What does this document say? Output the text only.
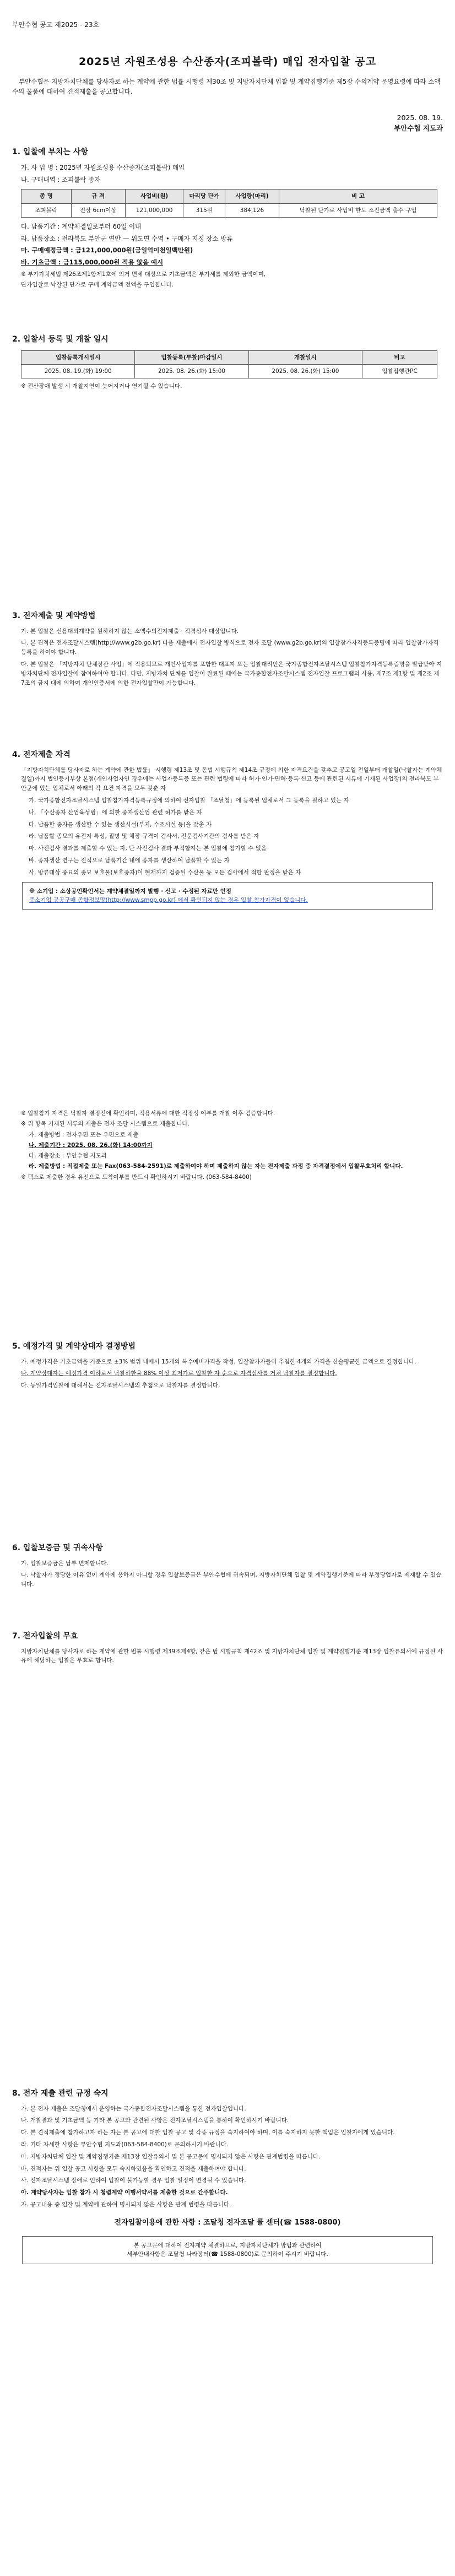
부안수협 공고 제2025 - 23호
2025년 자원조성용 수산종자(조피볼락) 매입 전자입찰 공고

부안수협은 지방자치단체를 당사자로 하는 계약에 관한 법률 시행령 제30조 및 지방자치단체 입찰 및 계약집행기준 제5장 수의계약 운영요령에 따라 소액수의 물품에 대하여 견적제출을 공고합니다.

2025. 08. 19.
부안수협 지도과
1. 입찰에 부치는 사항
가. 사 업 명 : 2025년 자원조성용 수산종자(조피볼락) 매입
나. 구매내역 : 조피볼락 종자
종 명	규 격	사업비(원)	마리당 단가	사업량(마리)	비 고
조피볼락	전장 6cm이상	121,000,000	315원	384,126	낙찰된 단가로 사업비 한도 소진금액 총수 구입
다. 납품기간 : 계약체결일로부터 60일 이내
라. 납품장소 : 전라북도 부안군 연안 — 위도면 수역 • 구매자 지정 장소 방류
마. 구매예정금액 : 금121,000,000원(금일억이천일백만원)
바. 기초금액 : 금115,000,000원 적용 않음 예시
※ 부가가치세법 제26조제1항제1호에 의거 면세 대상으로 기초금액은 부가세를 제외한 금액이며,
단가입찰로 낙찰된 단가로 구매 계약금액 전액을 구입합니다.
2. 입찰서 등록 및 개찰 일시
입찰등록개시일시	입찰등록(투찰)마감일시	개찰일시	비고
2025. 08. 19.(화) 19:00	2025. 08. 26.(화) 15:00	2025. 08. 26.(화) 15:00	입찰집행관PC
※ 전산장애 발생 시 개찰지연이 늦어지거나 연기될 수 있습니다.
3. 전자제출 및 계약방법

가. 본 입찰은 신용대외계약을 원하하지 않는 소액수의전자제출 · 적격심사 대상입니다.

나. 본 견적은 전자조달시스템(http://www.g2b.go.kr) 다음 제출에서 전자입찰 방식으로 전자 조달 (www.g2b.go.kr)의 입찰참가자격등록증명에 따라 입찰참가자격 등록을 하여야 합니다.

다. 본 입찰은 「지방자치 단체장관 사업」에 적용되므로 개인사업자를 포함한 대표자 또는 입찰대리인은 국가종합전자조달시스템 입찰참가자격등록증명을 발급받아 지방자치단체 전자입찰에 참여하여야 합니다. 다만, 지방자치 단체를 입찰이 완료된 때에는 국가종합전자조달시스템 전자입찰 프로그램의 사용, 제7조 제1항 및 제2조 제7조의 금지 대에 의하여 개인인증서에 의한 전자입찰만이 가능합니다.

4. 전자제출 자격

「지방자치단체를 당사자로 하는 계약에 관한 법률」 시행령 제13조 및 동법 시행규칙 제14조 규정에 의한 자격요건을 갖추고 공고일 전일부터 개찰일(낙찰자는 계약체결일)까지 법인등기부상 본점(개인사업자인 경우에는 사업자등록증 또는 관련 법령에 따라 허가·인가·면허·등록·신고 등에 관련된 서류에 기재된 사업장)의 전라북도 부안군에 있는 업체로서 아래의 각 요건 자격을 모두 갖춘 자

가. 국가종합전자조달시스템 입찰참가자격등록규정에 의하여 전자입찰 「조달청」에 등록된 업체로서 그 등록을 필하고 있는 자

나. 「수산종자 산업육성법」에 의한 종자생산업 관련 허가를 받은 자

다. 납품할 종자를 생산할 수 있는 생산시설(부지, 수조시설 등)을 갖춘 자

라. 납품할 종묘의 유전자 특성, 질병 및 체장 규격이 검사서, 전문검사기관의 검사를 받은 자

마. 사전검사 결과를 제출할 수 있는 자, 단 사전검사 결과 부적합자는 본 입찰에 참가할 수 없음

바. 종자생산 연구는 전적으로 납품기간 내에 종자를 생산하여 납품할 수 있는 자

사. 방류대상 종묘의 종묘 보호물(보호종자)이 현재까지 검증된 수산물 등 모든 검사에서 적합 판정을 받은 자

※ 소기업 : 소상공인확인서는 계약체결일까지 발행 · 신고 · 수정된 자료만 인정
중소기업 공공구매 종합정보망(http://www.smpp.go.kr) 에서 확인되지 않는 경우 입찰 참가자격이 없습니다.
※ 입찰참가 자격은 낙찰자 결정전에 확인하며, 적용서류에 대한 적정성 여부를 개찰 이후 검증합니다.
※ 위 항목 기재된 서류의 제출은 전자 조달 시스템으로 제출합니다.
가. 제출방법 : 전자우편 또는 우편으로 제출
나. 제출기간 : 2025. 08. 26.(화) 14:00까지
다. 제출장소 : 부안수협 지도과
라. 제출방법 : 직접제출 또는 Fax(063-584-2591)로 제출하여야 하며 제출하지 않는 자는 전자제출 과정 중 자격결정에서 입찰무효처리 합니다.
※ 팩스로 제출한 경우 유선으로 도착여부를 반드시 확인하시기 바랍니다. (063-584-8400)
5. 예정가격 및 계약상대자 결정방법

가. 예정가격은 기초금액을 기준으로 ±3% 범위 내에서 15개의 복수예비가격을 작성, 입찰참가자들이 추첨한 4개의 가격을 산술평균한 금액으로 결정합니다.

나. 계약상대자는 예정가격 이하로서 낙찰하한율 88% 이상 최저가로 입찰한 자 순으로 자격심사를 거쳐 낙찰자를 결정합니다.

다. 동일가격입찰에 대해서는 전자조달시스템의 추첨으로 낙찰자를 결정합니다.

6. 입찰보증금 및 귀속사항

가. 입찰보증금은 납부 면제합니다.

나. 낙찰자가 정당한 이유 없이 계약에 응하지 아니할 경우 입찰보증금은 부안수협에 귀속되며, 지방자치단체 입찰 및 계약집행기준에 따라 부정당업자로 제재할 수 있습니다.

7. 전자입찰의 무효

지방자치단체를 당사자로 하는 계약에 관한 법률 시행령 제39조제4항, 같은 법 시행규칙 제42조 및 지방자치단체 입찰 및 계약집행기준 제13장 입찰유의서에 규정된 사유에 해당하는 입찰은 무효로 합니다.

8. 전자 제출 관련 규정 숙지

가. 본 전자 제출은 조달청에서 운영하는 국가종합전자조달시스템을 통한 전자입찰입니다.

나. 개찰결과 및 기초금액 등 기타 본 공고와 관련된 사항은 전자조달시스템을 통하여 확인하시기 바랍니다.

다. 본 견적제출에 참가하고자 하는 자는 본 공고에 대한 입찰 공고 및 각종 규정을 숙지하여야 하며, 이를 숙지하지 못한 책임은 입찰자에게 있습니다.

라. 기타 자세한 사항은 부안수협 지도과(063-584-8400)로 문의하시기 바랍니다.

마. 지방자치단체 입찰 및 계약집행기준 제13장 입찰유의서 및 본 공고문에 명시되지 않은 사항은 관계법령을 따릅니다.

바. 견적자는 위 입찰 공고 사항을 모두 숙지하였음을 확인하고 견적을 제출하여야 합니다.

사. 전자조달시스템 장애로 인하여 입찰이 불가능할 경우 입찰 일정이 변경될 수 있습니다.

아. 계약당사자는 입찰 참가 시 청렴계약 이행서약서를 제출한 것으로 간주합니다.

자. 공고내용 중 입찰 및 계약에 관하여 명시되지 않은 사항은 관계 법령을 따릅니다.

전자입찰이용에 관한 사항 : 조달청 전자조달 콜 센터(☎ 1588-0800)
본 공고문에 대하여 전자계약 체결하므로, 지방자치단체가 방법과 관련하여
세부안내사항은 조달청 나라장터(☎ 1588-0800)로 문의하여 주시기 바랍니다.
